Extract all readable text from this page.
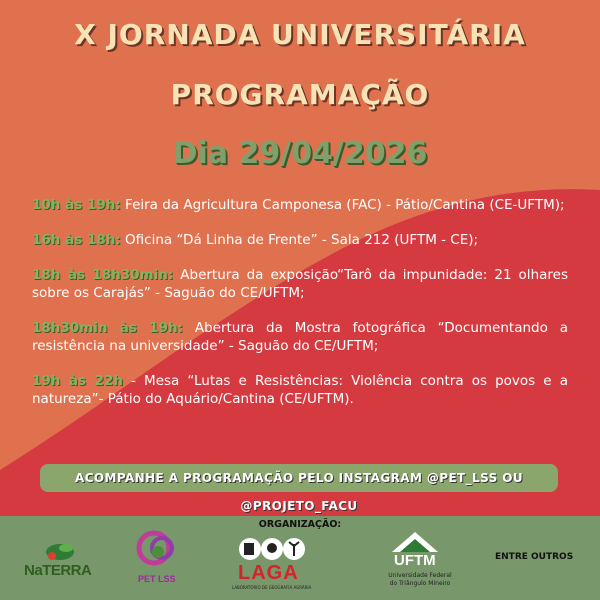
X JORNADA UNIVERSITÁRIA
PROGRAMAÇÃO
Dia 29/04/2026
10h às 19h: Feira da Agricultura Camponesa (FAC) - Pátio/Cantina (CE-UFTM);
16h às 18h: Oficina “Dá Linha de Frente” - Sala 212 (UFTM - CE);
18h às 18h30min: Abertura da exposição“Tarô da impunidade: 21 olhares sobre os Carajás” - Saguão do CE/UFTM;
18h30min às 19h: Abertura da Mostra fotográfica “Documentando a resistência na universidade” - Saguão do CE/UFTM;
19h às 22h - Mesa “Lutas e Resistências: Violência contra os povos e a natureza”- Pátio do Aquário/Cantina (CE/UFTM).
ACOMPANHE A PROGRAMAÇÃO PELO INSTAGRAM @PET_LSS OU @PROJETO_FACU
ORGANIZAÇÃO:
NaTERRA	PET LSS	LAGA
LABORATÓRIO DE GEOGRAFIA AGRÁRIA
UFTM
Universidade Federal
do Triângulo Mineiro
ENTRE OUTROS
